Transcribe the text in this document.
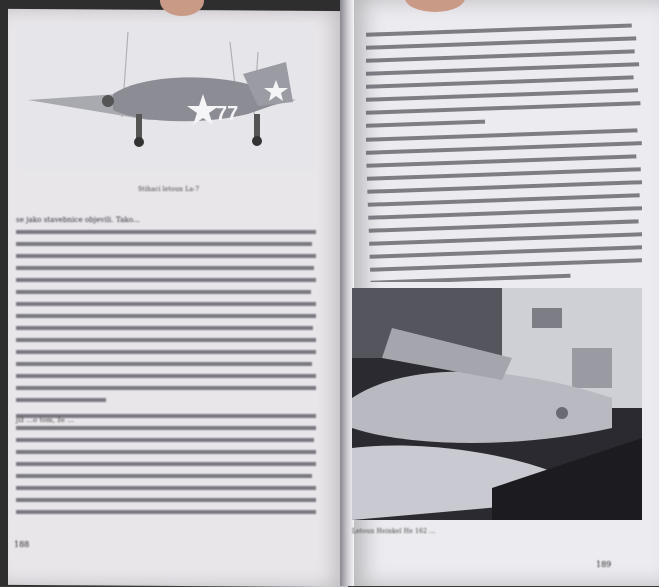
77
Stíhací letoun La-7
se jako stavebnice objevili. Tako...
již ...o tom, že ...
188
Letoun Heinkel He 162 ...
189
